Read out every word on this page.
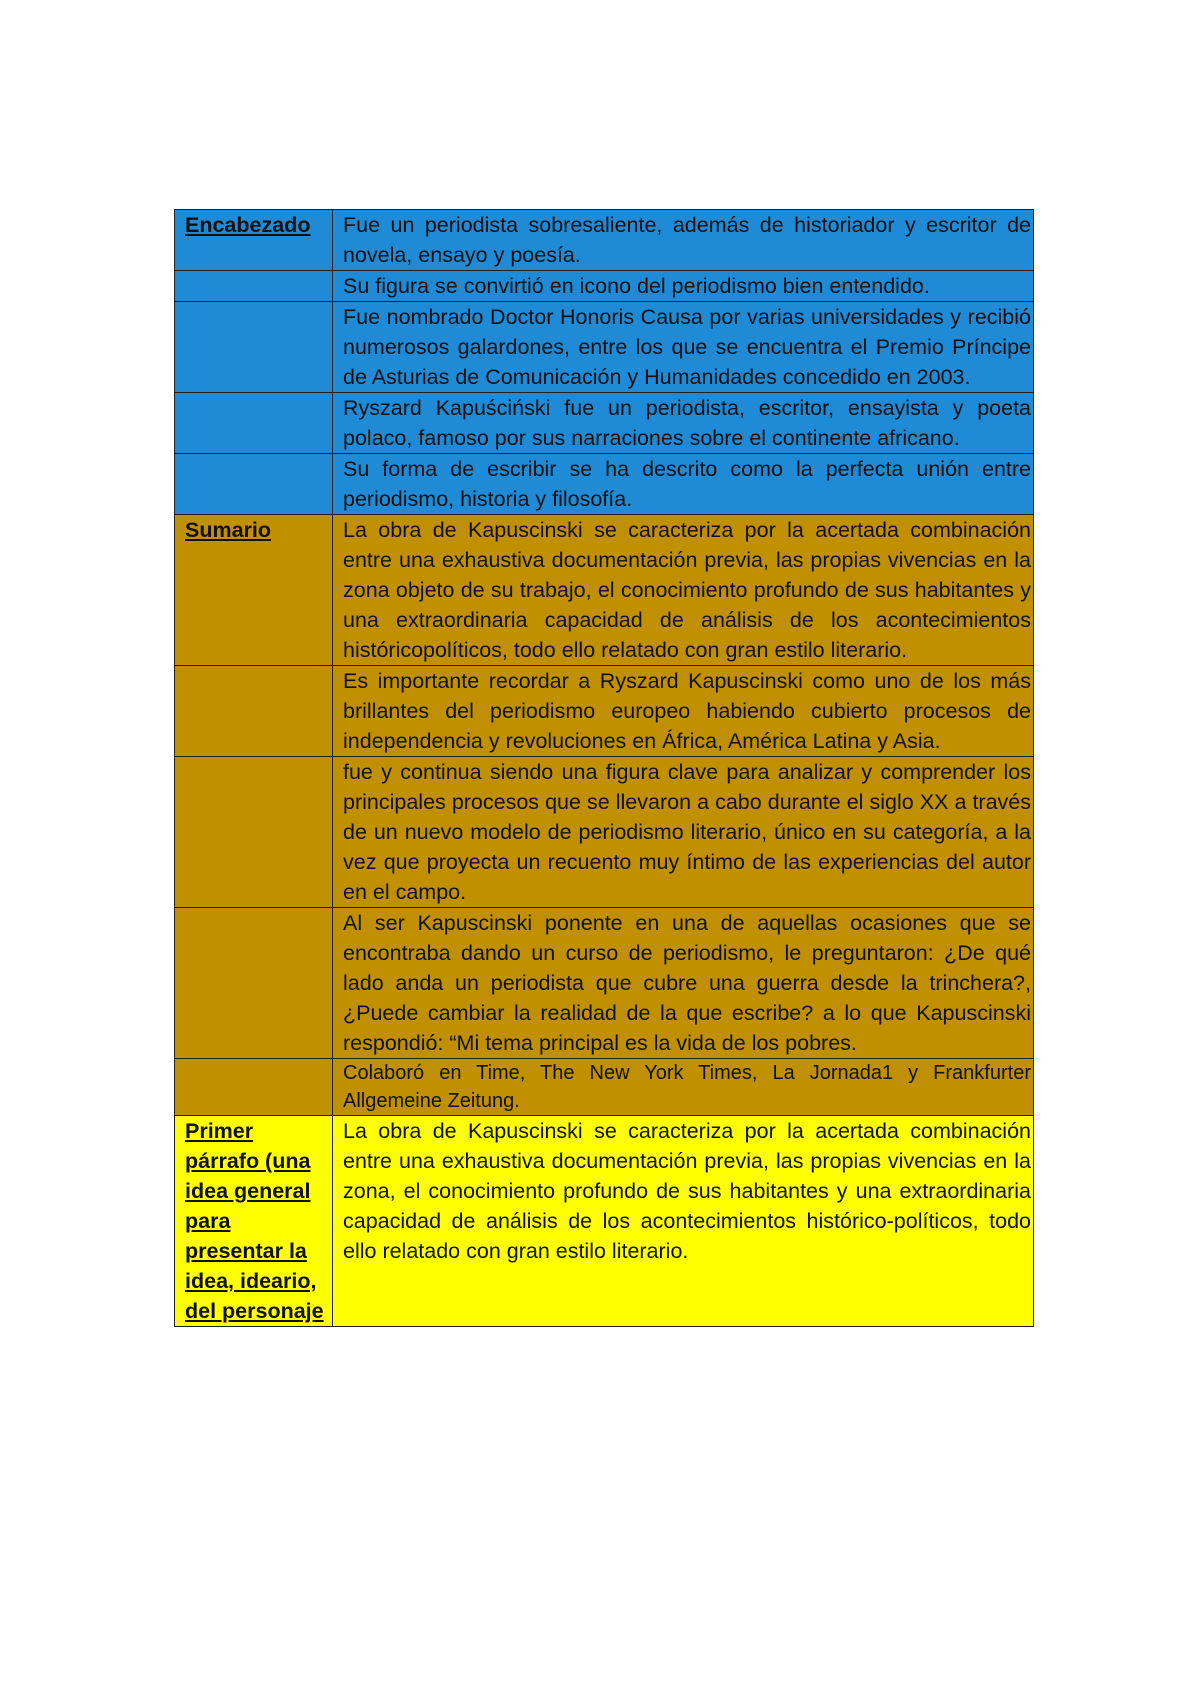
Encabezado	Fue un periodista sobresaliente, además de historiador y escritor de novela, ensayo y poesía.
	Su figura se convirtió en icono del periodismo bien entendido.
	Fue nombrado Doctor Honoris Causa por varias universidades y recibió numerosos galardones, entre los que se encuentra el Premio Príncipe de Asturias de Comunicación y Humanidades concedido en 2003.
	Ryszard Kapuściński fue un periodista, escritor, ensayista y poeta polaco, famoso por sus narraciones sobre el continente africano.
	Su forma de escribir se ha descrito como la perfecta unión entre periodismo, historia y filosofía.
Sumario	La obra de Kapuscinski se caracteriza por la acertada combinación entre una exhaustiva documentación previa, las propias vivencias en la zona objeto de su trabajo, el conocimiento profundo de sus habitantes y una extraordinaria capacidad de análisis de los acontecimientos históricopolíticos, todo ello relatado con gran estilo literario.
	Es importante recordar a Ryszard Kapuscinski como uno de los más brillantes del periodismo europeo habiendo cubierto procesos de independencia y revoluciones en África, América Latina y Asia.
	fue y continua siendo una figura clave para analizar y comprender los principales procesos que se llevaron a cabo durante el siglo XX a través de un nuevo modelo de periodismo literario, único en su categoría, a la vez que proyecta un recuento muy íntimo de las experiencias del autor en el campo.
	Al ser Kapuscinski ponente en una de aquellas ocasiones que se encontraba dando un curso de periodismo, le preguntaron: ¿De qué lado anda un periodista que cubre una guerra desde la trinchera?, ¿Puede cambiar la realidad de la que escribe? a lo que Kapuscinski respondió: “Mi tema principal es la vida de los pobres.
	Colaboró en Time, The New York Times, La Jornada1 y Frankfurter Allgemeine Zeitung.
Primer párrafo (una idea general para presentar la idea, ideario, del personaje	La obra de Kapuscinski se caracteriza por la acertada combinación entre una exhaustiva documentación previa, las propias vivencias en la zona, el conocimiento profundo de sus habitantes y una extraordinaria capacidad de análisis de los acontecimientos histórico-políticos, todo ello relatado con gran estilo literario.
